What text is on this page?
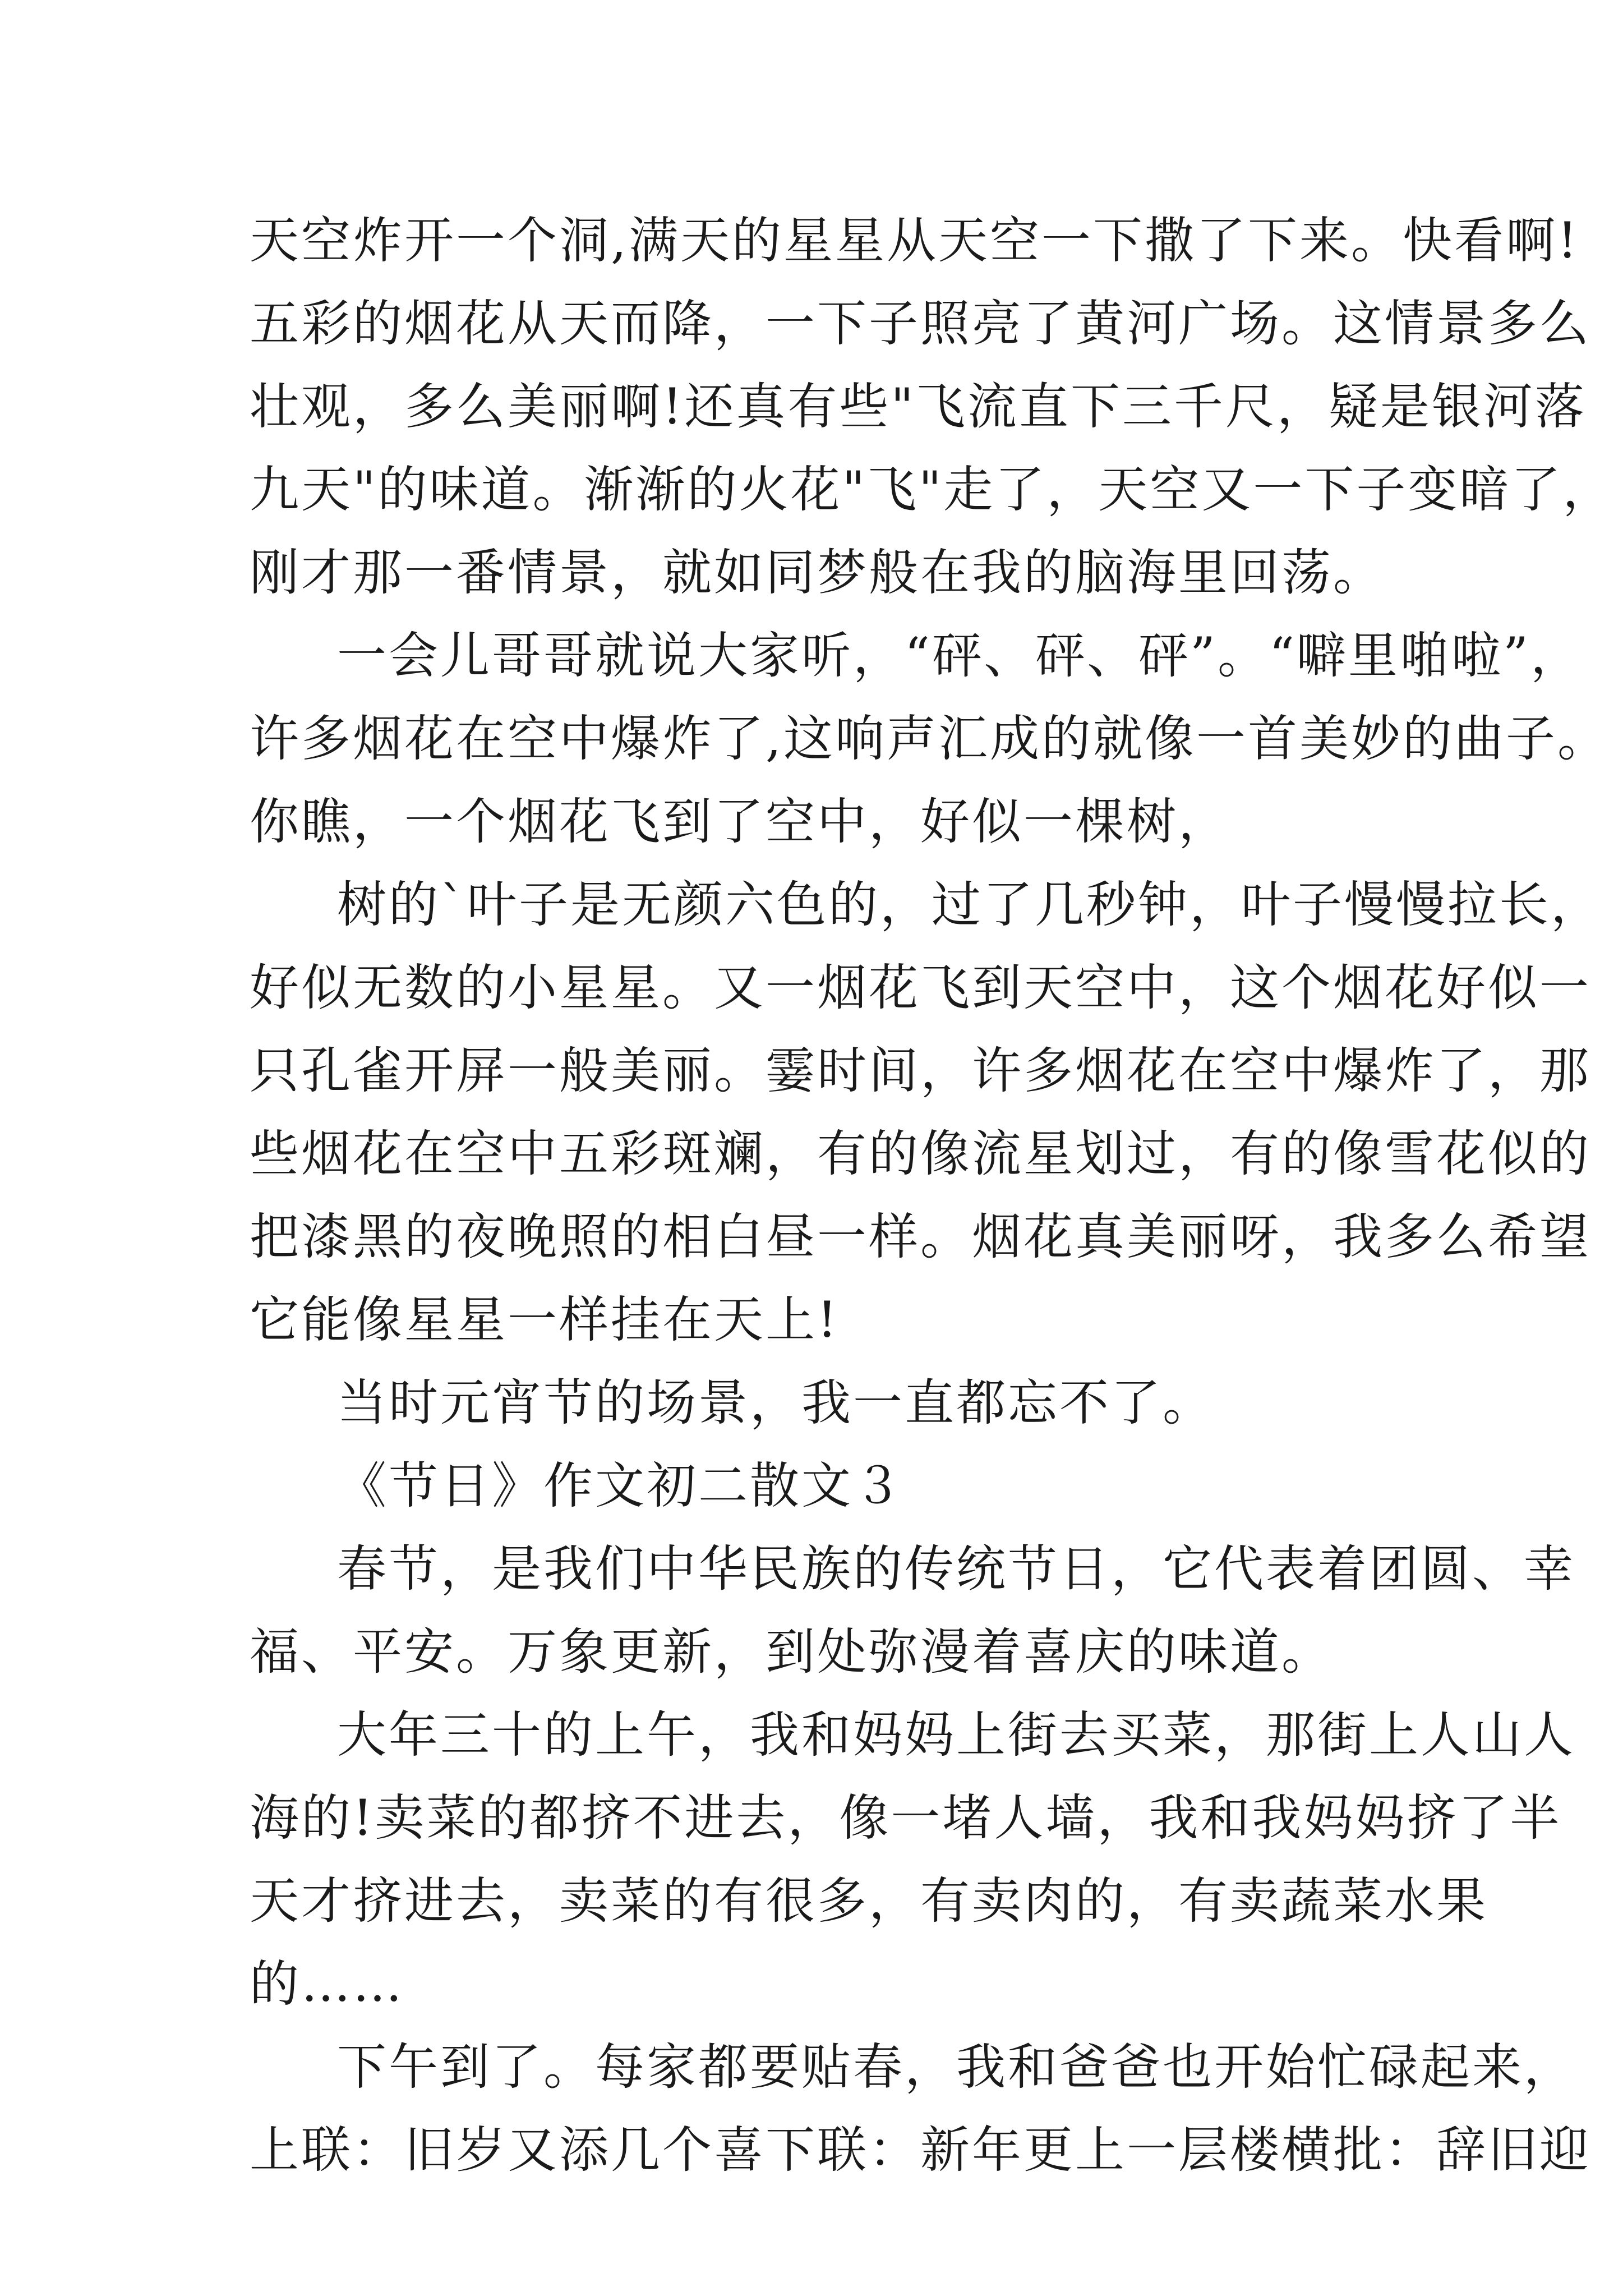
天空炸开一个洞,满天的星星从天空一下撒了下来。快看啊!
五彩的烟花从天而降，一下子照亮了黄河广场。这情景多么
壮观，多么美丽啊!还真有些"飞流直下三千尺，疑是银河落
九天"的味道。渐渐的火花"飞"走了，天空又一下子变暗了，
刚才那一番情景，就如同梦般在我的脑海里回荡。
一会儿哥哥就说大家听，“砰、砰、砰”。“噼里啪啦”，
许多烟花在空中爆炸了,这响声汇成的就像一首美妙的曲子。
你瞧，一个烟花飞到了空中，好似一棵树，
树的`叶子是无颜六色的，过了几秒钟，叶子慢慢拉长，
好似无数的小星星。又一烟花飞到天空中，这个烟花好似一
只孔雀开屏一般美丽。霎时间，许多烟花在空中爆炸了，那
些烟花在空中五彩斑斓，有的像流星划过，有的像雪花似的
把漆黑的夜晚照的相白昼一样。烟花真美丽呀，我多么希望
它能像星星一样挂在天上!
当时元宵节的场景，我一直都忘不了。
《节日》作文初二散文３
春节，是我们中华民族的传统节日，它代表着团圆、幸
福、平安。万象更新，到处弥漫着喜庆的味道。
大年三十的上午，我和妈妈上街去买菜，那街上人山人
海的!卖菜的都挤不进去，像一堵人墙，我和我妈妈挤了半
天才挤进去，卖菜的有很多，有卖肉的，有卖蔬菜水果
的……
下午到了。每家都要贴春，我和爸爸也开始忙碌起来，
上联：旧岁又添几个喜下联：新年更上一层楼横批：辞旧迎
